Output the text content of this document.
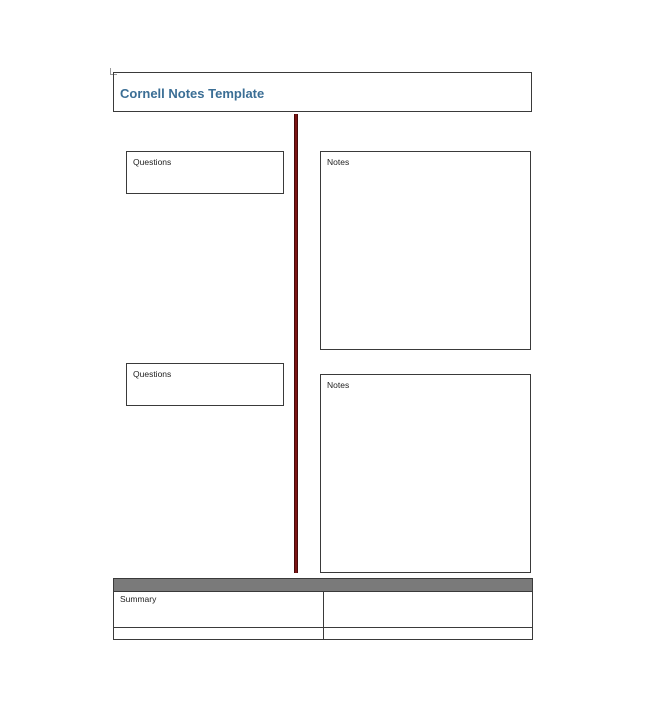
Cornell Notes Template
Questions	Notes
Questions
Notes
Summary
